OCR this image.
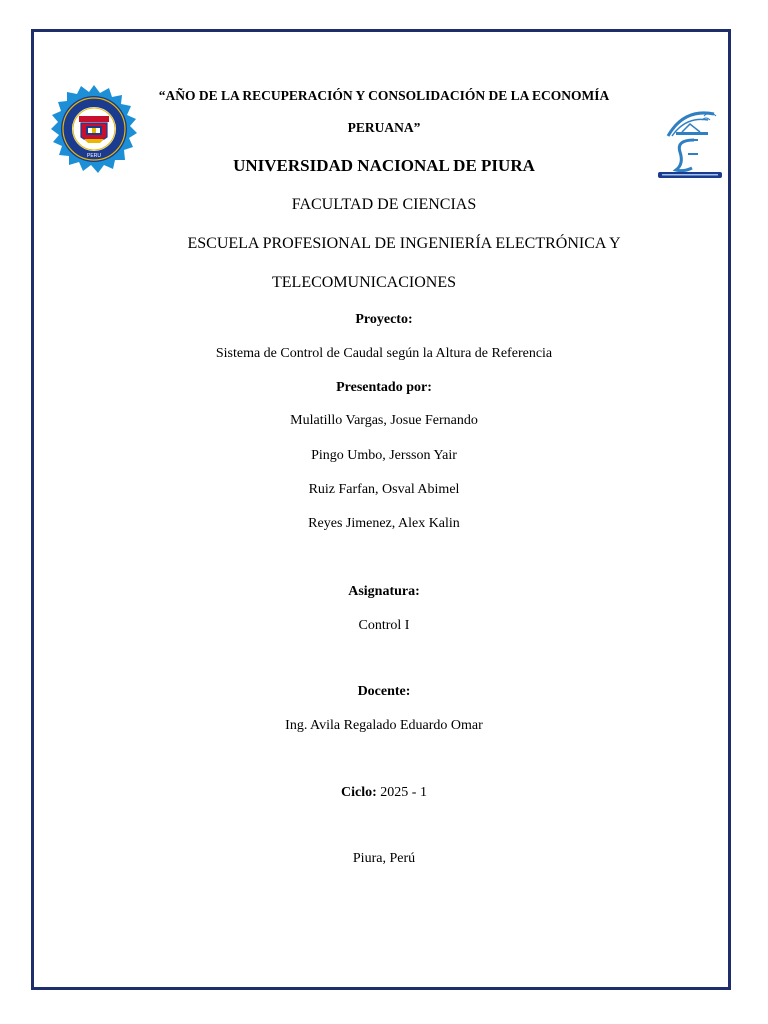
PERU
“AÑO DE LA RECUPERACIÓN Y CONSOLIDACIÓN DE LA ECONOMÍA
PERUANA”
UNIVERSIDAD NACIONAL DE PIURA
FACULTAD DE CIENCIAS
ESCUELA PROFESIONAL DE INGENIERÍA ELECTRÓNICA Y
TELECOMUNICACIONES
Proyecto:
Sistema de Control de Caudal según la Altura de Referencia
Presentado por:
Mulatillo Vargas, Josue Fernando
Pingo Umbo, Jersson Yair
Ruiz Farfan, Osval Abimel
Reyes Jimenez, Alex Kalin
Asignatura:
Control I
Docente:
Ing. Avila Regalado Eduardo Omar
Ciclo: 2025 - 1
Piura, Perú
